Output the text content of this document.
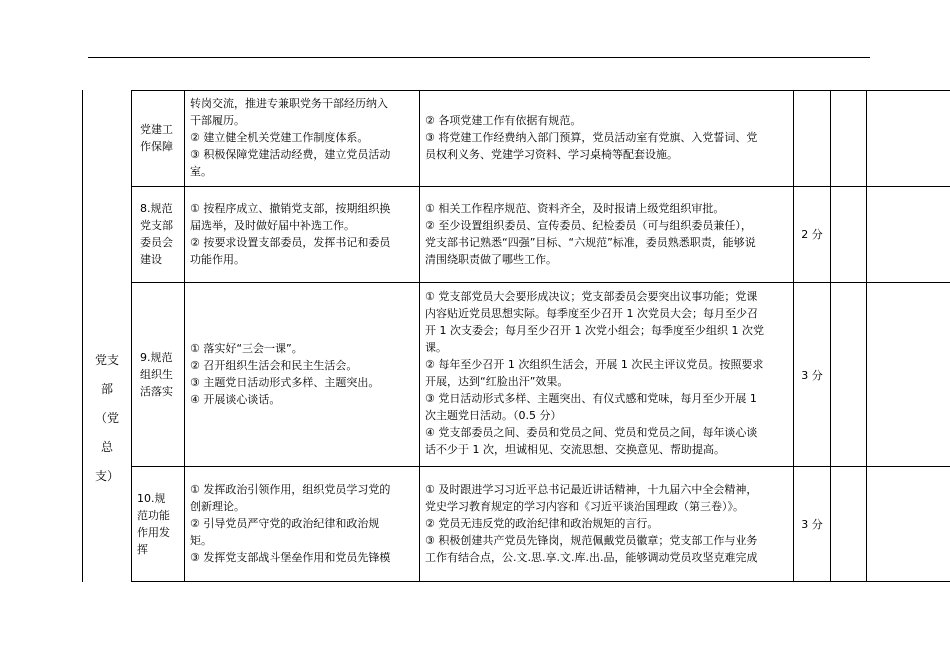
党支

部

（党

总

支）

党建工

作保障

转岗交流，推进专兼职党务干部经历纳入

干部履历。

② 建立健全机关党建工作制度体系。

③ 积极保障党建活动经费，建立党员活动

室。

② 各项党建工作有依据有规范。

③ 将党建工作经费纳入部门预算，党员活动室有党旗、入党誓词、党

员权利义务、党建学习资料、学习桌椅等配套设施。

8.规范

党支部

委员会

建设

① 按程序成立、撤销党支部，按期组织换

届选举，及时做好届中补选工作。

② 按要求设置支部委员，发挥书记和委员

功能作用。

① 相关工作程序规范、资料齐全，及时报请上级党组织审批。

② 至少设置组织委员、宣传委员、纪检委员（可与组织委员兼任），

党支部书记熟悉“四强”目标、“六规范”标准，委员熟悉职责，能够说

清围绕职责做了哪些工作。

2 分

9.规范

组织生

活落实

① 落实好“三会一课”。

② 召开组织生活会和民主生活会。

③ 主题党日活动形式多样、主题突出。

④ 开展谈心谈话。

① 党支部党员大会要形成决议；党支部委员会要突出议事功能；党课

内容贴近党员思想实际。每季度至少召开 1 次党员大会；每月至少召

开 1 次支委会；每月至少召开 1 次党小组会；每季度至少组织 1 次党

课。

② 每年至少召开 1 次组织生活会，开展 1 次民主评议党员。按照要求

开展，达到“红脸出汗”效果。

③ 党日活动形式多样、主题突出、有仪式感和党味，每月至少开展 1

次主题党日活动。（0.5 分）

④ 党支部委员之间、委员和党员之间、党员和党员之间，每年谈心谈

话不少于 1 次，坦诚相见、交流思想、交换意见、帮助提高。

3 分

10.规

范功能

作用发

挥

① 发挥政治引领作用，组织党员学习党的

创新理论。

② 引导党员严守党的政治纪律和政治规

矩。

③ 发挥党支部战斗堡垒作用和党员先锋模

① 及时跟进学习习近平总书记最近讲话精神，十九届六中全会精神，

党史学习教育规定的学习内容和《习近平谈治国理政（第三卷）》。

② 党员无违反党的政治纪律和政治规矩的言行。

③ 积极创建共产党员先锋岗，规范佩戴党员徽章；党支部工作与业务

工作有结合点，公.文.思.享.文.库.出.品，能够调动党员攻坚克难完成

3 分
